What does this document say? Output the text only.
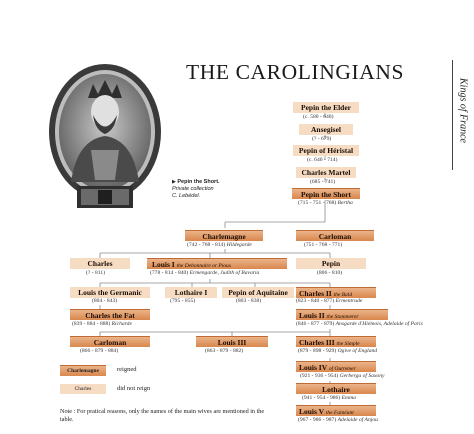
THE CAROLINGIANS
Kings of France
▶ Pepin the Short.
Private collection
C. Lebédel.
Pepin the Elder
(c. 580 - 640)
Ansegisel
(? - 679)
Pepin of Héristal
(c. 640 - 714)
Charles Martel
(685 - 741)
Pepin the Short
(715 - 751 - 768) Bertha
Charlemagne
(742 - 768 - 814) Hildegarde
Carloman
(751 - 768 - 771)
Charles
(? - 811)
Louis I the Debonnaire or Pious
(778 - 814 - 840) Ermengarde, Judith of Bavaria
Pepin
(806 - 810)
Louis the Germanic
(804 - 843)
Lothaire I
(795 - 855)
Pepin of Aquitaine
(803 - 838)
Charles II the Bald
(823 - 840 - 877) Ermentrude
Charles the Fat
(839 - 884 - 888) Richarde
Louis II the Stammerer
(846 - 877 - 879) Ansgarde d'Hiémois, Adelaide of Paris
Carloman
(866 - 879 - 884)
Louis III
(863 - 879 - 882)
Charles III the Simple
(879 - 898 - 929) Ogive of England
Louis IV of Outremer
(921 - 936 - 954) Gerberga of Saxony
Lothaire
(941 - 954 - 986) Emma
Louis V the Fainéant
(967 - 986 - 987) Adelaide of Anjou
Charlemagne	reigned
Charles	did not reign
Note : For pratical reasons, only the names of the main wives are mentioned in the table.
